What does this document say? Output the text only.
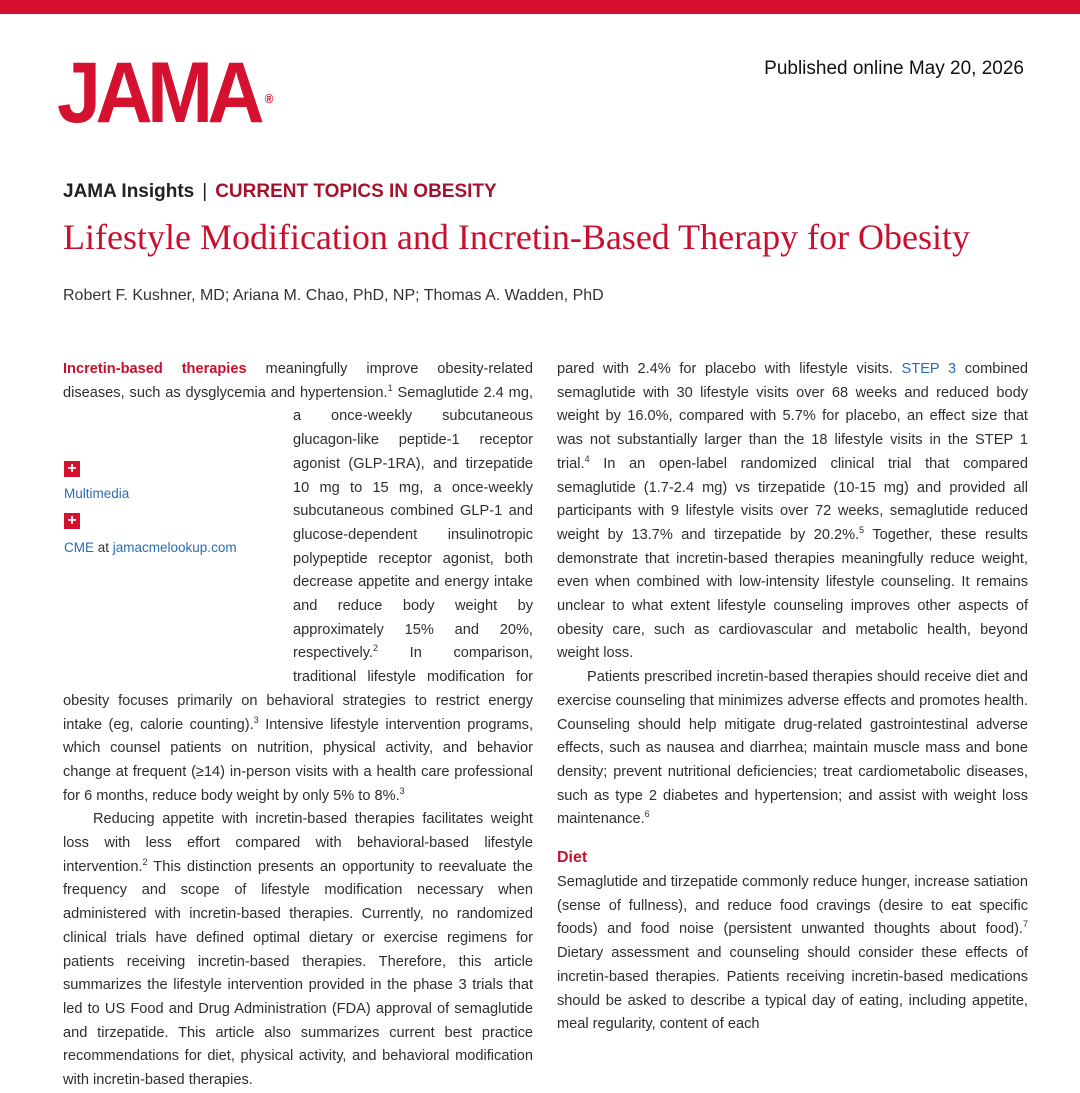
JAMA ®
Published online May 20, 2026
JAMA Insights | CURRENT TOPICS IN OBESITY
Lifestyle Modification and Incretin-Based Therapy for Obesity
Robert F. Kushner, MD; Ariana M. Chao, PhD, NP; Thomas A. Wadden, PhD

Incretin-based therapies meaningfully improve obesity-related diseases, such as dysglycemia and hypertension.$^1$
+
Multimedia
+
CME at jamacmelookup.com
Semaglutide 2.4 mg, a once-weekly subcutaneous glucagon-like peptide-1 receptor agonist (GLP-1RA), and tirzepatide 10 mg to 15 mg, a once-weekly subcutaneous combined GLP-1 and glucose-dependent insulinotropic polypeptide receptor agonist, both decrease appetite and energy intake and reduce body weight by approximately 15% and 20%, respectively.$^2$ In comparison, traditional lifestyle modification for obesity focuses primarily on behavioral strategies to restrict energy intake (eg, calorie counting).$^3$ Intensive lifestyle intervention programs, which counsel patients on nutrition, physical activity, and behavior change at frequent (≥14) in-person visits with a health care professional for 6 months, reduce body weight by only 5% to 8%.$^3$

Reducing appetite with incretin-based therapies facilitates weight loss with less effort compared with behavioral-based lifestyle intervention.$^2$ This distinction presents an opportunity to reevaluate the frequency and scope of lifestyle modification necessary when administered with incretin-based therapies. Currently, no randomized clinical trials have defined optimal dietary or exercise regimens for patients receiving incretin-based therapies. Therefore, this article summarizes the lifestyle intervention provided in the phase 3 trials that led to US Food and Drug Administration (FDA) approval of semaglutide and tirzepatide. This article also summarizes current best practice recommendations for diet, physical activity, and behavioral modification with incretin-based therapies.

pared with 2.4% for placebo with lifestyle visits. STEP 3 combined semaglutide with 30 lifestyle visits over 68 weeks and reduced body weight by 16.0%, compared with 5.7% for placebo, an effect size that was not substantially larger than the 18 lifestyle visits in the STEP 1 trial.$^4$ In an open-label randomized clinical trial that compared semaglutide (1.7-2.4 mg) vs tirzepatide (10-15 mg) and provided all participants with 9 lifestyle visits over 72 weeks, semaglutide reduced weight by 13.7% and tirzepatide by 20.2%.$^5$ Together, these results demonstrate that incretin-based therapies meaningfully reduce weight, even when combined with low-intensity lifestyle counseling. It remains unclear to what extent lifestyle counseling improves other aspects of obesity care, such as cardiovascular and metabolic health, beyond weight loss.

Patients prescribed incretin-based therapies should receive diet and exercise counseling that minimizes adverse effects and promotes health. Counseling should help mitigate drug-related gastrointestinal adverse effects, such as nausea and diarrhea; maintain muscle mass and bone density; prevent nutritional deficiencies; treat cardiometabolic diseases, such as type 2 diabetes and hypertension; and assist with weight loss maintenance.$^6$

Diet

Semaglutide and tirzepatide commonly reduce hunger, increase satiation (sense of fullness), and reduce food cravings (desire to eat specific foods) and food noise (persistent unwanted thoughts about food).$^7$ Dietary assessment and counseling should consider these effects of incretin-based therapies. Patients receiving incretin-based medications should be asked to describe a typical day of eating, including appetite, meal regularity, content of each
